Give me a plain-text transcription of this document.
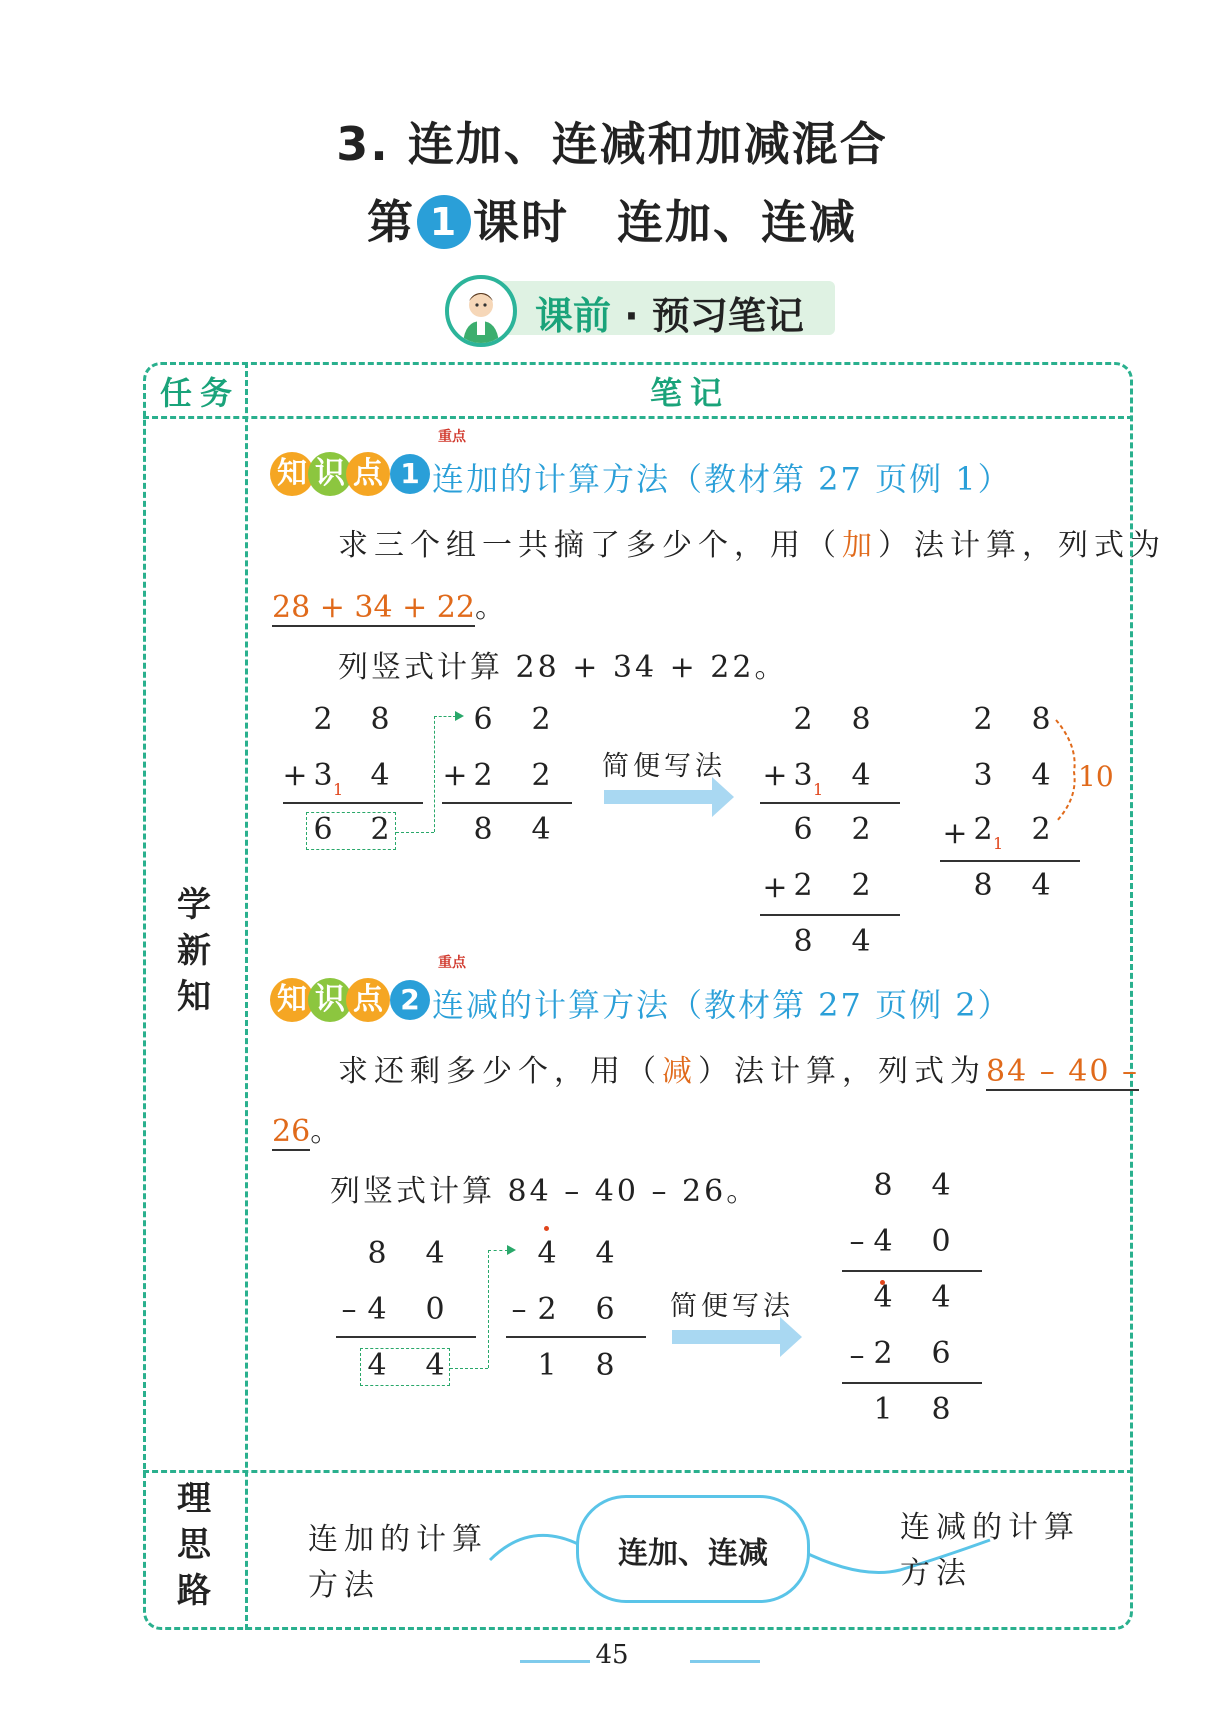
3. 连加、连减和加减混合
第 1 课时 连加、连减
课前 · 预习笔记
任务	笔记
学
新
知
理
思
路
知 识 点 1
重点
连加的计算方法（教材第 27 页例 1）
求三个组一共摘了多少个，用（加）法计算，列式为
28 + 34 + 22。
列竖式计算 28 + 34 + 22。
2 8
+ 3 1 4
6 2
6 2
+ 2 2
8 4
简便写法
2 8
+ 3 1 4
6 2
+ 2 2
8 4
2 8
3 4
+ 2 1 2
8 4
10
知 识 点 2
重点
连减的计算方法（教材第 27 页例 2）
求还剩多少个，用（减）法计算，列式为84 – 40 –
26。
列竖式计算 84 – 40 – 26。
8 4
– 4 0
4 4
4 4
– 2 6
1 8
简便写法
8 4
– 4 0
4 4
– 2 6
1 8
连加、连减
连加的计算
方法
连减的计算
方法
45
